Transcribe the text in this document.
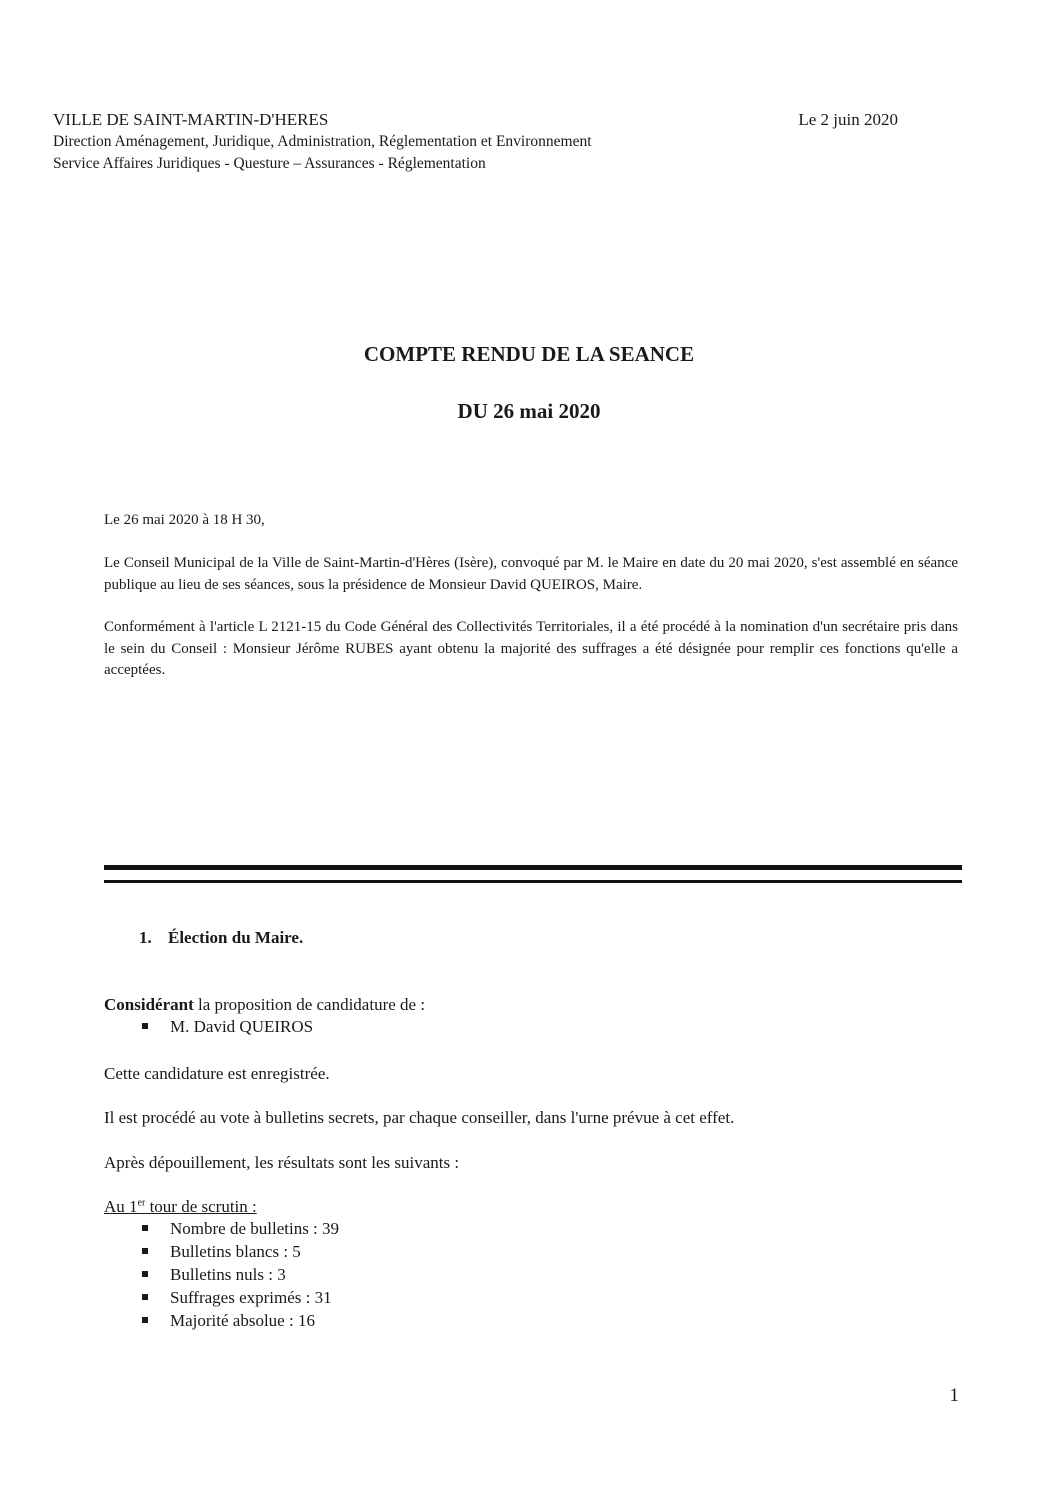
VILLE DE SAINT-MARTIN-D'HERES
Direction Aménagement, Juridique, Administration, Réglementation et Environnement
Service Affaires Juridiques - Questure – Assurances - Réglementation
Le 2 juin 2020
COMPTE RENDU DE LA SEANCE
DU 26 mai 2020
Le 26 mai 2020 à 18 H 30,
Le Conseil Municipal de la Ville de Saint-Martin-d'Hères (Isère), convoqué par M. le Maire en date du 20 mai 2020, s'est assemblé en séance publique au lieu de ses séances, sous la présidence de Monsieur David QUEIROS, Maire.
Conformément à l'article L 2121-15 du Code Général des Collectivités Territoriales, il a été procédé à la nomination d'un secrétaire pris dans le sein du Conseil : Monsieur Jérôme RUBES ayant obtenu la majorité des suffrages a été désignée pour remplir ces fonctions qu'elle a acceptées.
1. Élection du Maire.
Considérant la proposition de candidature de :
M. David QUEIROS
Cette candidature est enregistrée.
Il est procédé au vote à bulletins secrets, par chaque conseiller, dans l'urne prévue à cet effet.
Après dépouillement, les résultats sont les suivants :
Au 1er tour de scrutin :
Nombre de bulletins : 39
Bulletins blancs : 5
Bulletins nuls : 3
Suffrages exprimés : 31
Majorité absolue : 16
1
